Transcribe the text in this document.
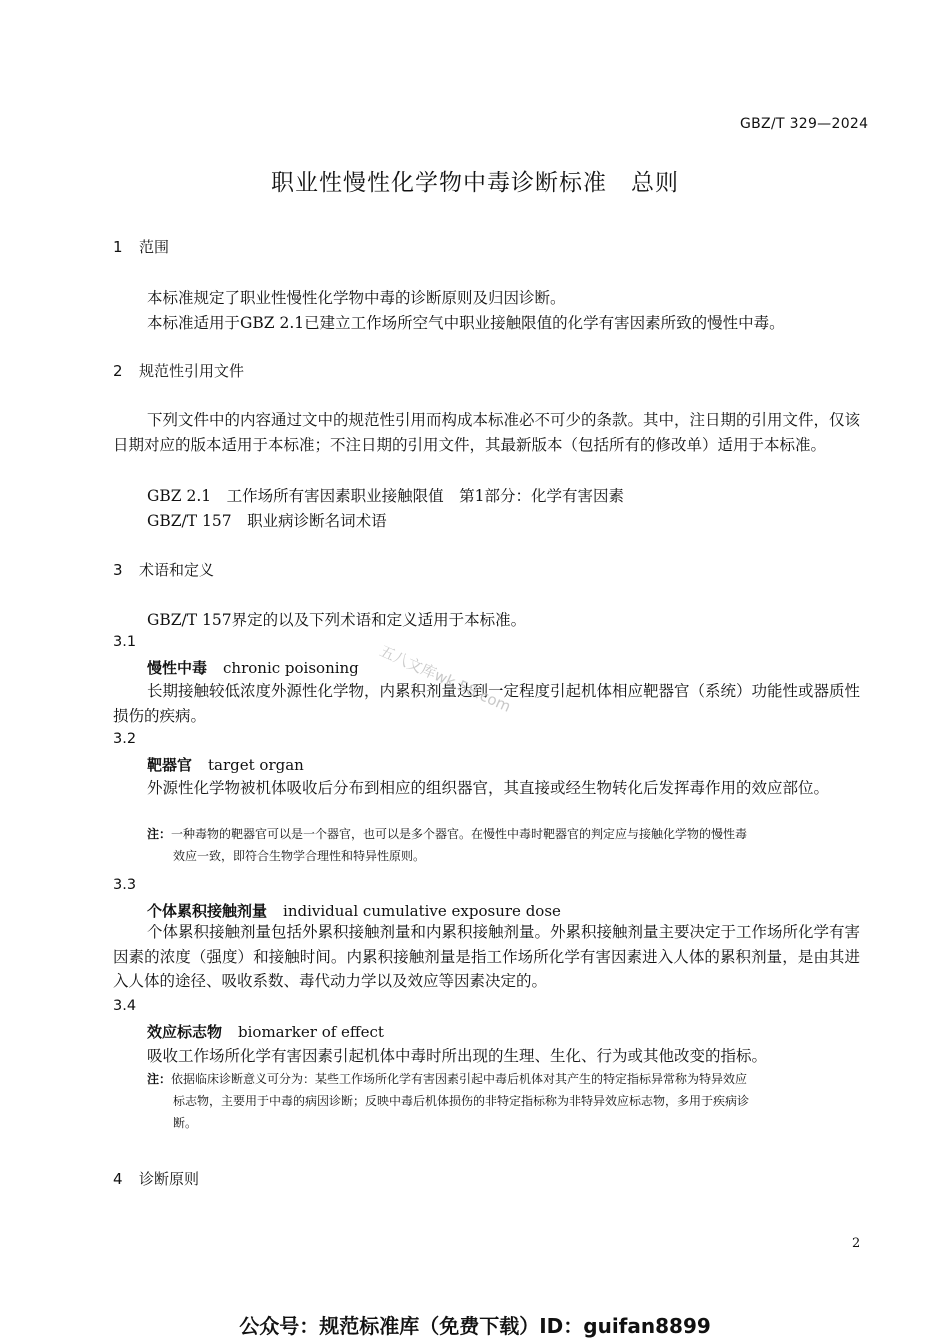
GBZ/T 329—2024
职业性慢性化学物中毒诊断标准　总则
1 范围
本标准规定了职业性慢性化学物中毒的诊断原则及归因诊断。
本标准适用于GBZ 2.1已建立工作场所空气中职业接触限值的化学有害因素所致的慢性中毒。
2 规范性引用文件
下列文件中的内容通过文中的规范性引用而构成本标准必不可少的条款。其中，注日期的引用文件，仅该日期对应的版本适用于本标准；不注日期的引用文件，其最新版本（包括所有的修改单）适用于本标准。
GBZ 2.1　工作场所有害因素职业接触限值　第1部分：化学有害因素
GBZ/T 157　职业病诊断名词术语
3 术语和定义
GBZ/T 157界定的以及下列术语和定义适用于本标准。
3.1
慢性中毒 chronic poisoning
长期接触较低浓度外源性化学物，内累积剂量达到一定程度引起机体相应靶器官（系统）功能性或器质性损伤的疾病。
3.2
靶器官 target organ
外源性化学物被机体吸收后分布到相应的组织器官，其直接或经生物转化后发挥毒作用的效应部位。
注：一种毒物的靶器官可以是一个器官，也可以是多个器官。在慢性中毒时靶器官的判定应与接触化学物的慢性毒
效应一致，即符合生物学合理性和特异性原则。
3.3
个体累积接触剂量 individual cumulative exposure dose
个体累积接触剂量包括外累积接触剂量和内累积接触剂量。外累积接触剂量主要决定于工作场所化学有害因素的浓度（强度）和接触时间。内累积接触剂量是指工作场所化学有害因素进入人体的累积剂量，是由其进入人体的途径、吸收系数、毒代动力学以及效应等因素决定的。
3.4
效应标志物 biomarker of effect
吸收工作场所化学有害因素引起机体中毒时所出现的生理、生化、行为或其他改变的指标。
注：依据临床诊断意义可分为：某些工作场所化学有害因素引起中毒后机体对其产生的特定指标异常称为特异效应
标志物，主要用于中毒的病因诊断；反映中毒后机体损伤的非特定指标称为非特异效应标志物，多用于疾病诊
断。
4 诊断原则
2
五八文库wk.58.com
公众号：规范标准库（免费下载）ID：guifan8899
